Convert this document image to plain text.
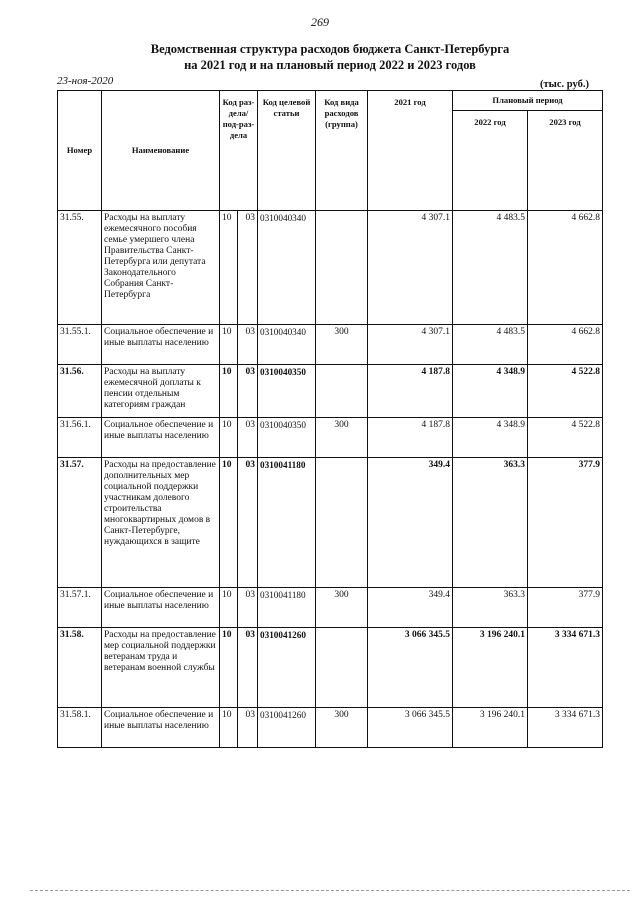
269
Ведомственная структура расходов бюджета Санкт-Петербурга
на 2021 год и на плановый период 2022 и 2023 годов
23-ноя-2020	(тыс. руб.)
Номер	Наименование	Код раз-дела/ под-раз-дела		Код целевой статьи	Код вида расходов (группа)	2021 год	Плановый период	
							2022 год	2023 год
31.55.	Расходы на выплату ежемесячного пособия семье умершего члена Правительства Санкт-Петербурга или депутата Законодательного Собрания Санкт-Петербурга	10	03	0310040340		4 307.1	4 483.5	4 662.8
31.55.1.	Социальное обеспечение и иные выплаты населению	10	03	0310040340	300	4 307.1	4 483.5	4 662.8
31.56.	Расходы на выплату ежемесячной доплаты к пенсии отдельным категориям граждан	10	03	0310040350		4 187.8	4 348.9	4 522.8
31.56.1.	Социальное обеспечение и иные выплаты населению	10	03	0310040350	300	4 187.8	4 348.9	4 522.8
31.57.	Расходы на предоставление дополнительных мер социальной поддержки участникам долевого строительства многоквартирных домов в Санкт-Петербурге, нуждающихся в защите	10	03	0310041180		349.4	363.3	377.9
31.57.1.	Социальное обеспечение и иные выплаты населению	10	03	0310041180	300	349.4	363.3	377.9
31.58.	Расходы на предоставление мер социальной поддержки ветеранам труда и ветеранам военной службы	10	03	0310041260		3 066 345.5	3 196 240.1	3 334 671.3
31.58.1.	Социальное обеспечение и иные выплаты населению	10	03	0310041260	300	3 066 345.5	3 196 240.1	3 334 671.3
